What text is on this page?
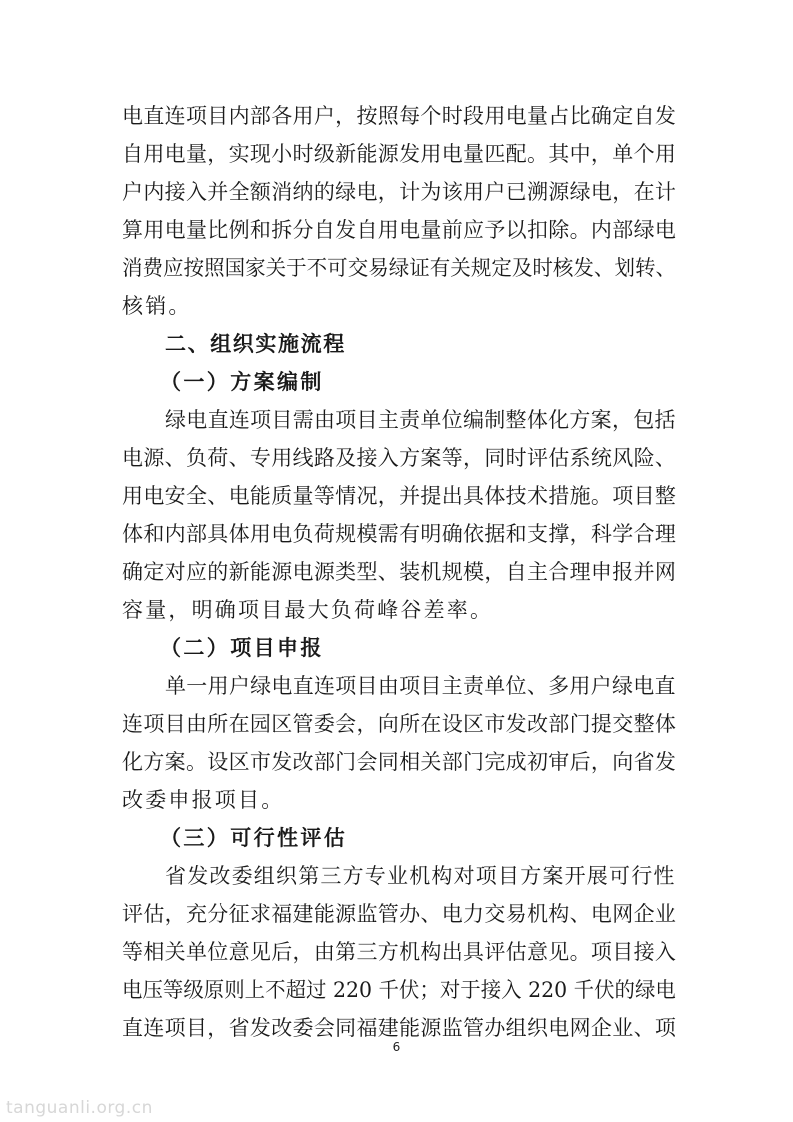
电直连项目内部各用户，按照每个时段用电量占比确定自发
自用电量，实现小时级新能源发用电量匹配。其中，单个用
户内接入并全额消纳的绿电，计为该用户已溯源绿电，在计
算用电量比例和拆分自发自用电量前应予以扣除。内部绿电
消费应按照国家关于不可交易绿证有关规定及时核发、划转、
核销。
二、组织实施流程
（一）方案编制
绿电直连项目需由项目主责单位编制整体化方案，包括
电源、负荷、专用线路及接入方案等，同时评估系统风险、
用电安全、电能质量等情况，并提出具体技术措施。项目整
体和内部具体用电负荷规模需有明确依据和支撑，科学合理
确定对应的新能源电源类型、装机规模，自主合理申报并网
容量，明确项目最大负荷峰谷差率。
（二）项目申报
单一用户绿电直连项目由项目主责单位、多用户绿电直
连项目由所在园区管委会，向所在设区市发改部门提交整体
化方案。设区市发改部门会同相关部门完成初审后，向省发
改委申报项目。
（三）可行性评估
省发改委组织第三方专业机构对项目方案开展可行性
评估，充分征求福建能源监管办、电力交易机构、电网企业
等相关单位意见后，由第三方机构出具评估意见。项目接入
电压等级原则上不超过 220 千伏；对于接入 220 千伏的绿电
直连项目，省发改委会同福建能源监管办组织电网企业、项
6
tanguanli.org.cn
